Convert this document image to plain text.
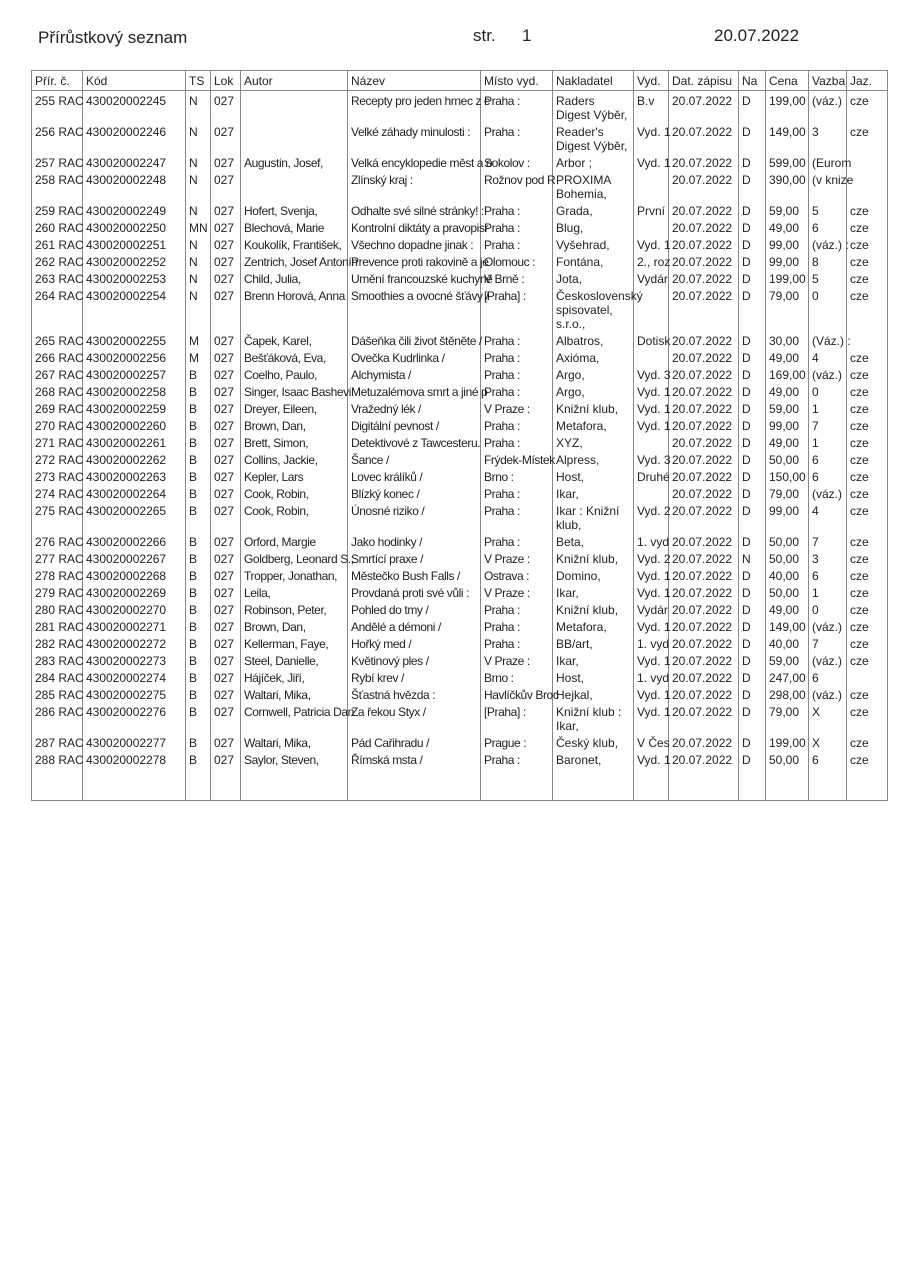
Přírůstkový seznam	str. 1	20.07.2022
Přír. č.	Kód	TS	Lok	Autor	Název	Místo vyd.	Nakladatel	Vyd.	Dat. zápisu	Na	Cena	Vazba	Jaz.
255 RAC	430020002245	N	027		Recepty pro jeden hrnec z c	Praha :	Raders Digest Výběr,	B.v	20.07.2022	D	199,00	(váz.)	cze
256 RAC	430020002246	N	027		Velké záhady minulosti :	Praha :	Reader's Digest Výběr,	Vyd. 1	20.07.2022	D	149,00	3	cze
257 RAC	430020002247	N	027	Augustin, Josef,	Velká encyklopedie měst a o	Sokolov :	Arbor ;	Vyd. 1	20.07.2022	D	599,00	(Eurom	
258 RAC	430020002248	N	027		Zlínský kraj :	Rožnov pod R	PROXIMA Bohemia,		20.07.2022	D	390,00	(v knize	
259 RAC	430020002249	N	027	Hofert, Svenja,	Odhalte své silné stránky! :	Praha :	Grada,	První	20.07.2022	D	59,00	5	cze
260 RAC	430020002250	MN	027	Blechová, Marie	Kontrolní diktáty a pravopisr	Praha :	Blug,		20.07.2022	D	49,00	6	cze
261 RAC	430020002251	N	027	Koukolík, František,	Všechno dopadne jinak :	Praha :	Vyšehrad,	Vyd. 1	20.07.2022	D	99,00	(váz.) :	cze
262 RAC	430020002252	N	027	Zentrich, Josef Antonín	Prevence proti rakovině a je	Olomouc :	Fontána,	2., roz	20.07.2022	D	99,00	8	cze
263 RAC	430020002253	N	027	Child, Julia,	Umění francouzské kuchyně	V Brně :	Jota,	Vydár	20.07.2022	D	199,00	5	cze
264 RAC	430020002254	N	027	Brenn Horová, Anna	Smoothies a ovocné šťávy /	[Praha] :	Československý spisovatel, s.r.o.,		20.07.2022	D	79,00	0	cze
265 RAC	430020002255	M	027	Čapek, Karel,	Dášeňka čili život štěněte /	Praha :	Albatros,	Dotisk	20.07.2022	D	30,00	(Váz.) :	
266 RAC	430020002256	M	027	Bešťáková, Eva,	Ovečka Kudrlinka /	Praha :	Axióma,		20.07.2022	D	49,00	4	cze
267 RAC	430020002257	B	027	Coelho, Paulo,	Alchymista /	Praha :	Argo,	Vyd. 3	20.07.2022	D	169,00	(váz.)	cze
268 RAC	430020002258	B	027	Singer, Isaac Bashevi:	Metuzalémova smrt a jiné p	Praha :	Argo,	Vyd. 1	20.07.2022	D	49,00	0	cze
269 RAC	430020002259	B	027	Dreyer, Eileen,	Vražedný lék /	V Praze :	Knižní klub,	Vyd. 1	20.07.2022	D	59,00	1	cze
270 RAC	430020002260	B	027	Brown, Dan,	Digitální pevnost /	Praha :	Metafora,	Vyd. 1	20.07.2022	D	99,00	7	cze
271 RAC	430020002261	B	027	Brett, Simon,	Detektivové z Tawcesteru.	Praha :	XYZ,		20.07.2022	D	49,00	1	cze
272 RAC	430020002262	B	027	Collins, Jackie,	Šance /	Frýdek-Místek	Alpress,	Vyd. 3	20.07.2022	D	50,00	6	cze
273 RAC	430020002263	B	027	Kepler, Lars	Lovec králíků /	Brno :	Host,	Druhé	20.07.2022	D	150,00	6	cze
274 RAC	430020002264	B	027	Cook, Robin,	Blízký konec /	Praha :	Ikar,		20.07.2022	D	79,00	(váz.)	cze
275 RAC	430020002265	B	027	Cook, Robin,	Únosné riziko /	Praha :	Ikar : Knižní klub,	Vyd. 2	20.07.2022	D	99,00	4	cze
276 RAC	430020002266	B	027	Orford, Margie	Jako hodinky /	Praha :	Beta,	1. vyd	20.07.2022	D	50,00	7	cze
277 RAC	430020002267	B	027	Goldberg, Leonard S.,	Smrtící praxe /	V Praze :	Knižní klub,	Vyd. 2	20.07.2022	N	50,00	3	cze
278 RAC	430020002268	B	027	Tropper, Jonathan,	Městečko Bush Falls /	Ostrava :	Domino,	Vyd. 1	20.07.2022	D	40,00	6	cze
279 RAC	430020002269	B	027	Leila,	Provdaná proti své vůli :	V Praze :	Ikar,	Vyd. 1	20.07.2022	D	50,00	1	cze
280 RAC	430020002270	B	027	Robinson, Peter,	Pohled do tmy /	Praha :	Knižní klub,	Vydár	20.07.2022	D	49,00	0	cze
281 RAC	430020002271	B	027	Brown, Dan,	Andělé a démoni /	Praha :	Metafora,	Vyd. 1	20.07.2022	D	149,00	(váz.)	cze
282 RAC	430020002272	B	027	Kellerman, Faye,	Hořký med /	Praha :	BB/art,	1. vyd	20.07.2022	D	40,00	7	cze
283 RAC	430020002273	B	027	Steel, Danielle,	Květinový ples /	V Praze :	Ikar,	Vyd. 1	20.07.2022	D	59,00	(váz.)	cze
284 RAC	430020002274	B	027	Hájíček, Jiří,	Rybí krev /	Brno :	Host,	1. vyd	20.07.2022	D	247,00	6	
285 RAC	430020002275	B	027	Waltari, Mika,	Šťastná hvězda :	Havlíčkův Broc	Hejkal,	Vyd. 1	20.07.2022	D	298,00	(váz.)	cze
286 RAC	430020002276	B	027	Cornwell, Patricia Dan	Za řekou Styx /	[Praha] :	Knižní klub : Ikar,	Vyd. 1	20.07.2022	D	79,00	X	cze
287 RAC	430020002277	B	027	Waltari, Mika,	Pád Cařihradu /	Prague :	Český klub,	V Čes	20.07.2022	D	199,00	X	cze
288 RAC	430020002278	B	027	Saylor, Steven,	Římská msta /	Praha :	Baronet,	Vyd. 1	20.07.2022	D	50,00	6	cze
